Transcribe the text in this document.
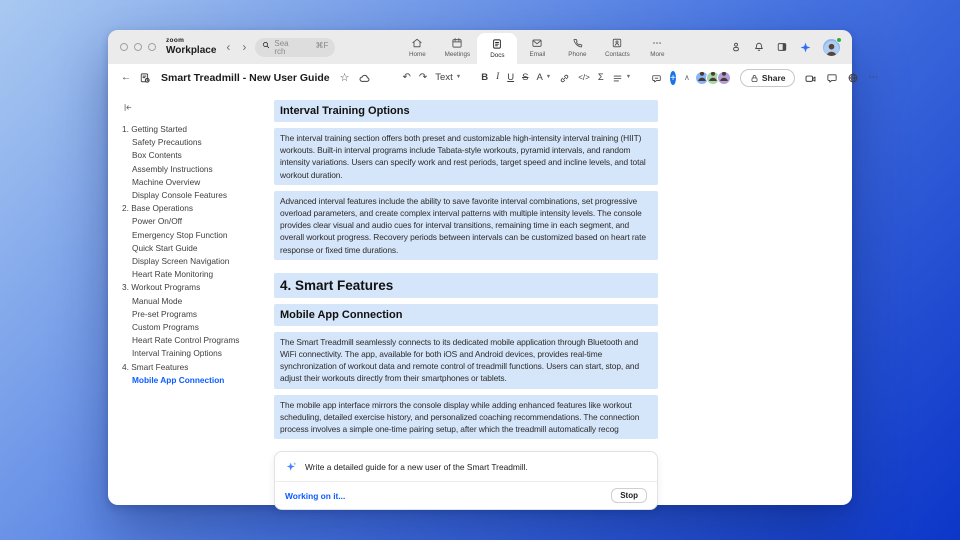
zoom
Workplace ‹ ›	Search
⌘F
Home	Meetings	Docs	Email	Phone	Contacts	More
←	Smart Treadmill - New User Guide ☆	↶ ↷ Text ▼ B I U S A ▼	</> Σ	▼	+ ∧	Share	⋯
1. Getting Started
Safety Precautions
Box Contents
Assembly Instructions
Machine Overview
Display Console Features
2. Base Operations
Power On/Off
Emergency Stop Function
Quick Start Guide
Display Screen Navigation
Heart Rate Monitoring
3. Workout Programs
Manual Mode
Pre-set Programs
Custom Programs
Heart Rate Control Programs
Interval Training Options
4. Smart Features
Mobile App Connection
Interval Training Options
The interval training section offers both preset and customizable high-intensity interval training (HIIT) workouts. Built-in interval programs include Tabata-style workouts, pyramid intervals, and random intensity variations. Users can specify work and rest periods, target speed and incline levels, and total workout duration.
Advanced interval features include the ability to save favorite interval combinations, set progressive overload parameters, and create complex interval patterns with multiple intensity levels. The console provides clear visual and audio cues for interval transitions, remaining time in each segment, and overall workout progress. Recovery periods between intervals can be customized based on heart rate response or fixed time durations.
4. Smart Features
Mobile App Connection
The Smart Treadmill seamlessly connects to its dedicated mobile application through Bluetooth and WiFi connectivity. The app, available for both iOS and Android devices, provides real-time synchronization of workout data and remote control of treadmill functions. Users can start, stop, and adjust their workouts directly from their smartphones or tablets.
The mobile app interface mirrors the console display while adding enhanced features like workout scheduling, detailed exercise history, and personalized coaching recommendations. The connection process involves a simple one-time pairing setup, after which the treadmill automatically recog
Write a detailed guide for a new user of the Smart Treadmill.
Working on it...	Stop
